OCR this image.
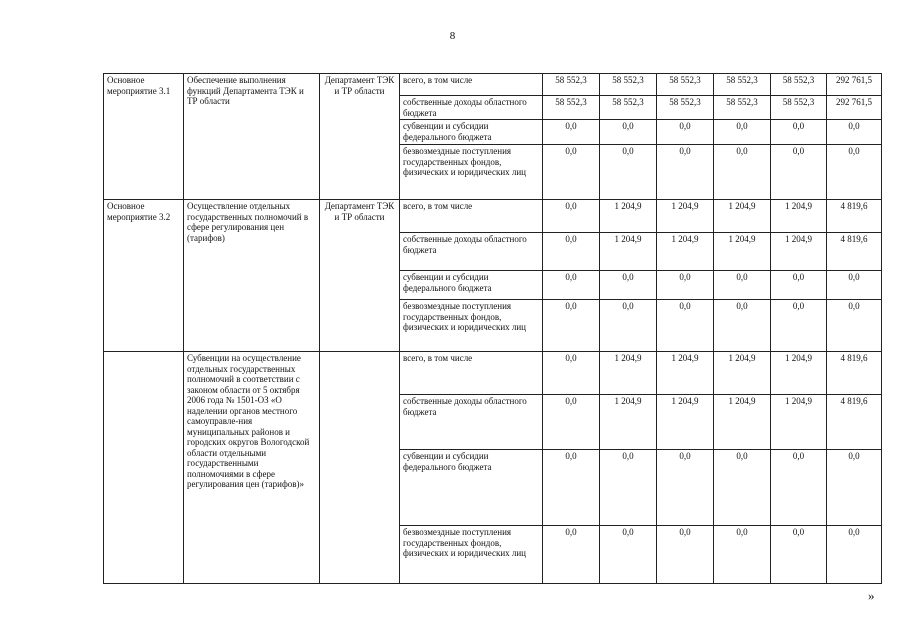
8
Основное мероприятие 3.1	Обеспечение выполнения функций Департамента ТЭК и ТР области	Департамент ТЭК и ТР области	всего, в том числе	58 552,3	58 552,3	58 552,3	58 552,3	58 552,3	292 761,5
			собственные доходы областного бюджета	58 552,3	58 552,3	58 552,3	58 552,3	58 552,3	292 761,5
			субвенции и субсидии федерального бюджета	0,0	0,0	0,0	0,0	0,0	0,0
			безвозмездные поступления государственных фондов, физических и юридических лиц	0,0	0,0	0,0	0,0	0,0	0,0
Основное мероприятие 3.2	Осуществление отдельных государственных полномочий в сфере регулирования цен (тарифов)	Департамент ТЭК и ТР области	всего, в том числе	0,0	1 204,9	1 204,9	1 204,9	1 204,9	4 819,6
			собственные доходы областного бюджета	0,0	1 204,9	1 204,9	1 204,9	1 204,9	4 819,6
			субвенции и субсидии федерального бюджета	0,0	0,0	0,0	0,0	0,0	0,0
			безвозмездные поступления государственных фондов, физических и юридических лиц	0,0	0,0	0,0	0,0	0,0	0,0
	Субвенции на осуществление отдельных государственных полномочий в соответствии с законом области от 5 октября 2006 года № 1501-ОЗ «О наделении органов местного самоуправле-ния муниципальных районов и городских округов Вологодской области отдельными государственными полномочиями в сфере регулирования цен (тарифов)»		всего, в том числе	0,0	1 204,9	1 204,9	1 204,9	1 204,9	4 819,6
			собственные доходы областного бюджета	0,0	1 204,9	1 204,9	1 204,9	1 204,9	4 819,6
			субвенции и субсидии федерального бюджета	0,0	0,0	0,0	0,0	0,0	0,0
			безвозмездные поступления государственных фондов, физических и юридических лиц	0,0	0,0	0,0	0,0	0,0	0,0
»
